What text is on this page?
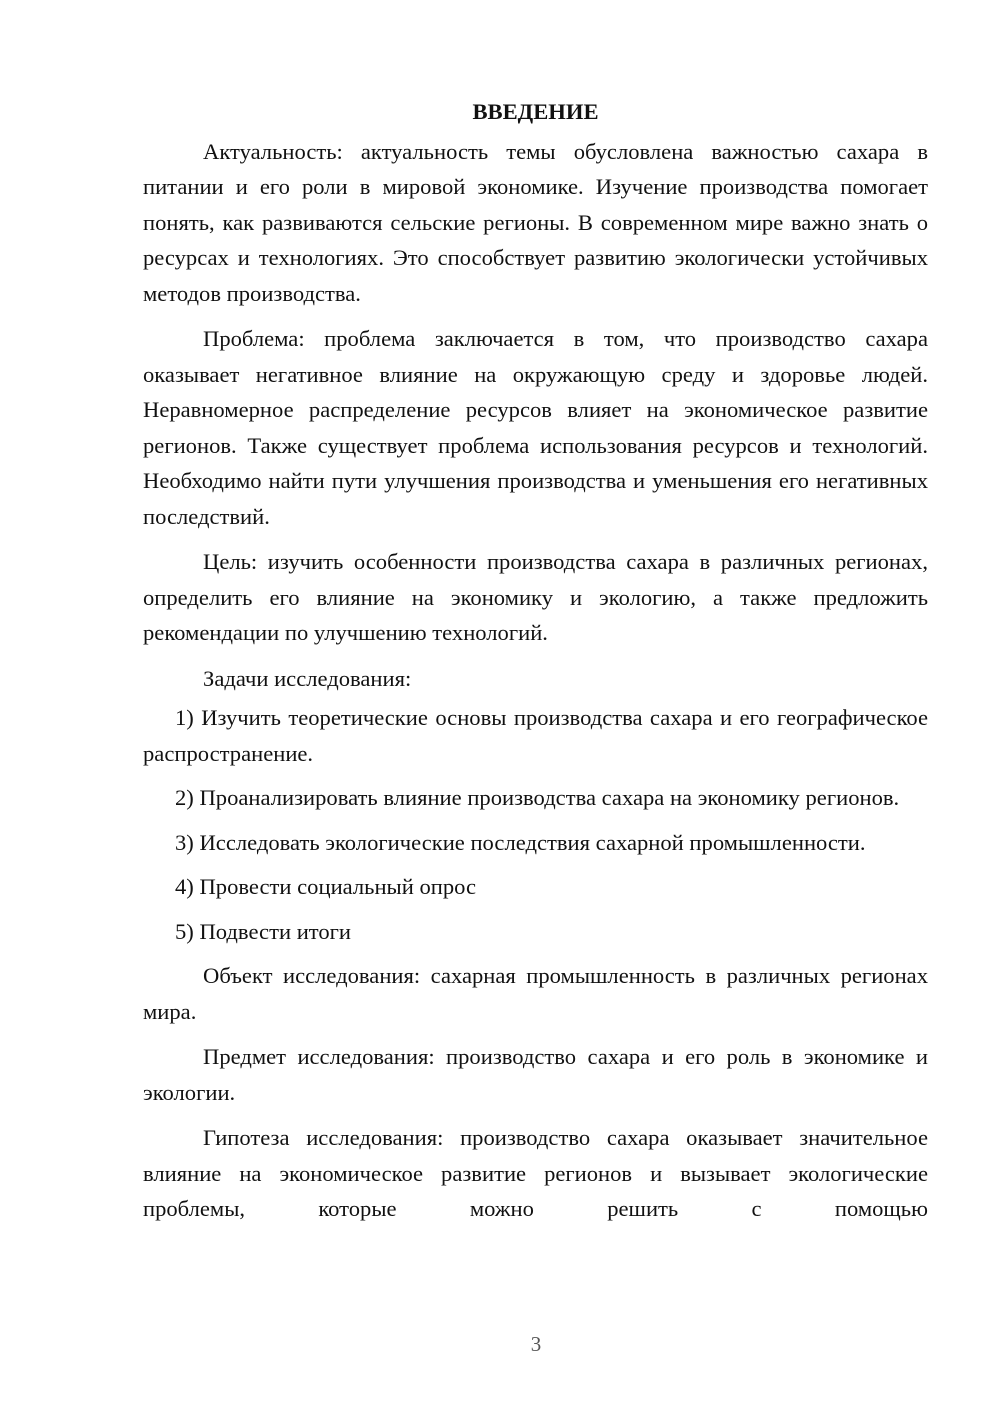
ВВЕДЕНИЕ

Актуальность: актуальность темы обусловлена важностью сахара в питании и его роли в мировой экономике. Изучение производства помогает понять, как развиваются сельские регионы. В современном мире важно знать о ресурсах и технологиях. Это способствует развитию экологически устойчивых методов производства.

Проблема: проблема заключается в том, что производство сахара оказывает негативное влияние на окружающую среду и здоровье людей. Неравномерное распределение ресурсов влияет на экономическое развитие регионов. Также существует проблема использования ресурсов и технологий. Необходимо найти пути улучшения производства и уменьшения его негативных последствий.

Цель: изучить особенности производства сахара в различных регионах, определить его влияние на экономику и экологию, а также предложить рекомендации по улучшению технологий.

Задачи исследования:

1) Изучить теоретические основы производства сахара и его географическое распространение.

2) Проанализировать влияние производства сахара на экономику регионов.

3) Исследовать экологические последствия сахарной промышленности.

4) Провести социальный опрос

5) Подвести итоги

Объект исследования: сахарная промышленность в различных регионах мира.

Предмет исследования: производство сахара и его роль в экономике и экологии.

Гипотеза исследования: производство сахара оказывает значительное влияние на экономическое развитие регионов и вызывает экологические проблемы, которые можно решить с помощью

3
